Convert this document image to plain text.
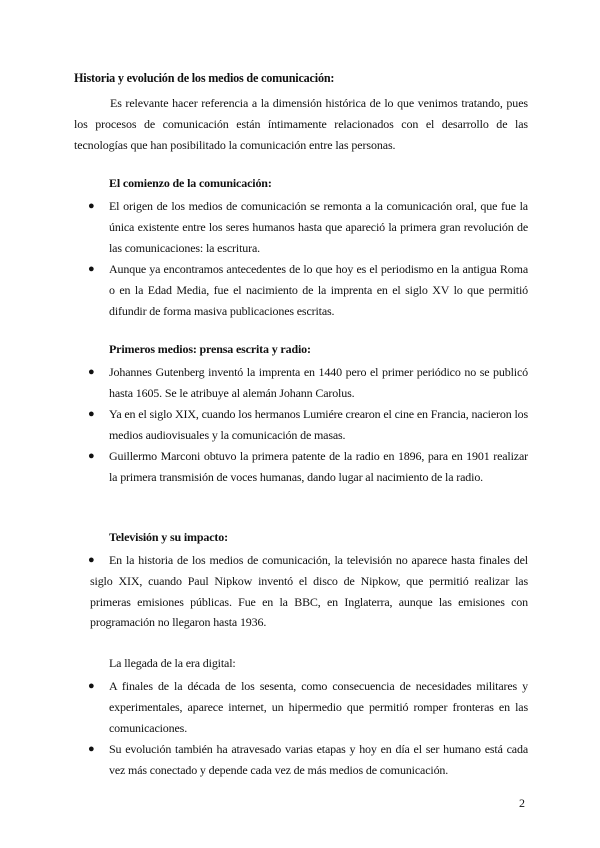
Historia y evolución de los medios de comunicación:
Es relevante hacer referencia a la dimensión histórica de lo que venimos tratando, pues los procesos de comunicación están íntimamente relacionados con el desarrollo de las tecnologías que han posibilitado la comunicación entre las personas.
El comienzo de la comunicación:
● El origen de los medios de comunicación se remonta a la comunicación oral, que fue la única existente entre los seres humanos hasta que apareció la primera gran revolución de las comunicaciones: la escritura.
● Aunque ya encontramos antecedentes de lo que hoy es el periodismo en la antigua Roma o en la Edad Media, fue el nacimiento de la imprenta en el siglo XV lo que permitió difundir de forma masiva publicaciones escritas.
Primeros medios: prensa escrita y radio:
● Johannes Gutenberg inventó la imprenta en 1440 pero el primer periódico no se publicó hasta 1605. Se le atribuye al alemán Johann Carolus.
● Ya en el siglo XIX, cuando los hermanos Lumiére crearon el cine en Francia, nacieron los medios audiovisuales y la comunicación de masas.
● Guillermo Marconi obtuvo la primera patente de la radio en 1896, para en 1901 realizar la primera transmisión de voces humanas, dando lugar al nacimiento de la radio.
Televisión y su impacto:
●	En la historia de los medios de comunicación, la televisión no aparece hasta finales del siglo XIX, cuando Paul Nipkow inventó el disco de Nipkow, que permitió realizar las primeras emisiones públicas. Fue en la BBC, en Inglaterra, aunque las emisiones con programación no llegaron hasta 1936.
La llegada de la era digital:
● A finales de la década de los sesenta, como consecuencia de necesidades militares y experimentales, aparece internet, un hipermedio que permitió romper fronteras en las comunicaciones.
● Su evolución también ha atravesado varias etapas y hoy en día el ser humano está cada vez más conectado y depende cada vez de más medios de comunicación.
2
